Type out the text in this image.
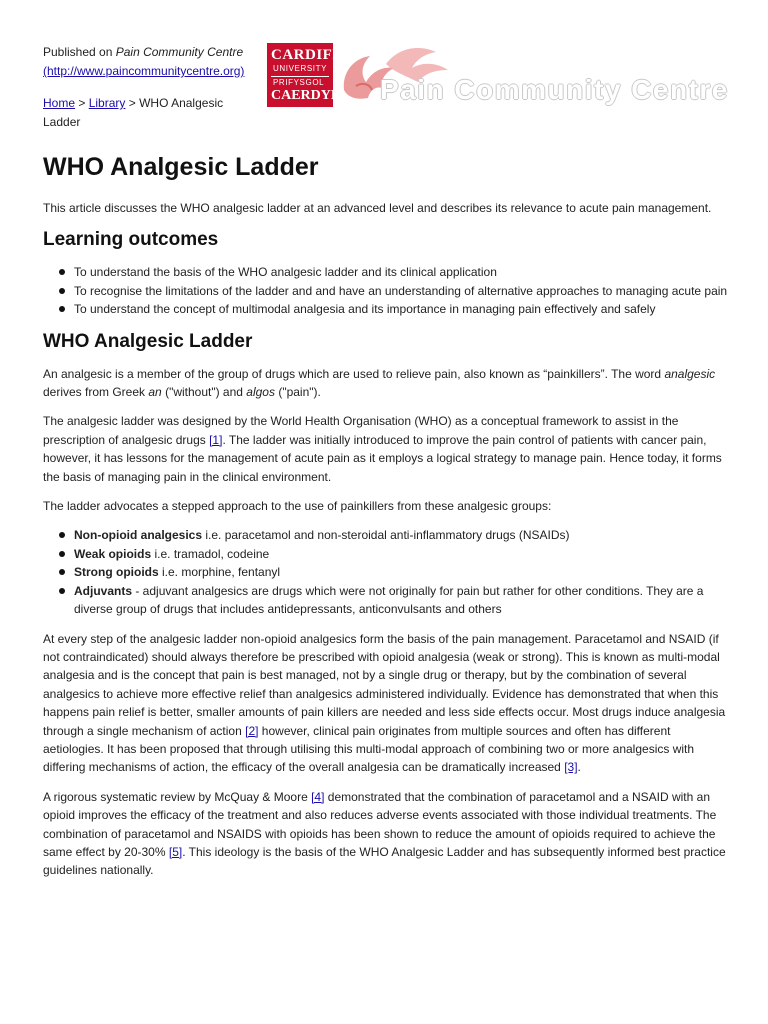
Published on Pain Community Centre
(http://www.paincommunitycentre.org)
Home > Library > WHO Analgesic Ladder
CARDIFF
UNIVERSITY
PRIFYSGOL
CAERDYD Pain Community Centre
WHO Analgesic Ladder

This article discusses the WHO analgesic ladder at an advanced level and describes its relevance to acute pain management.

Learning outcomes
To understand the basis of the WHO analgesic ladder and its clinical application
To recognise the limitations of the ladder and and have an understanding of alternative approaches to managing acute pain
To understand the concept of multimodal analgesia and its importance in managing pain effectively and safely
WHO Analgesic Ladder

An analgesic is a member of the group of drugs which are used to relieve pain, also known as “painkillers”. The word analgesic derives from Greek an ("without") and algos ("pain").

The analgesic ladder was designed by the World Health Organisation (WHO) as a conceptual framework to assist in the prescription of analgesic drugs [1]. The ladder was initially introduced to improve the pain control of patients with cancer pain, however, it has lessons for the management of acute pain as it employs a logical strategy to manage pain. Hence today, it forms the basis of managing pain in the clinical environment.

The ladder advocates a stepped approach to the use of painkillers from these analgesic groups:

Non-opioid analgesics i.e. paracetamol and non-steroidal anti-inflammatory drugs (NSAIDs)
Weak opioids i.e. tramadol, codeine
Strong opioids i.e. morphine, fentanyl
Adjuvants - adjuvant analgesics are drugs which were not originally for pain but rather for other conditions. They are a diverse group of drugs that includes antidepressants, anticonvulsants and others

At every step of the analgesic ladder non-opioid analgesics form the basis of the pain management. Paracetamol and NSAID (if not contraindicated) should always therefore be prescribed with opioid analgesia (weak or strong). This is known as multi-modal analgesia and is the concept that pain is best managed, not by a single drug or therapy, but by the combination of several analgesics to achieve more effective relief than analgesics administered individually. Evidence has demonstrated that when this happens pain relief is better, smaller amounts of pain killers are needed and less side effects occur. Most drugs induce analgesia through a single mechanism of action [2] however, clinical pain originates from multiple sources and often has different aetiologies. It has been proposed that through utilising this multi-modal approach of combining two or more analgesics with differing mechanisms of action, the efficacy of the overall analgesia can be dramatically increased [3].

A rigorous systematic review by McQuay & Moore [4] demonstrated that the combination of paracetamol and a NSAID with an opioid improves the efficacy of the treatment and also reduces adverse events associated with those individual treatments. The combination of paracetamol and NSAIDS with opioids has been shown to reduce the amount of opioids required to achieve the same effect by 20-30% [5]. This ideology is the basis of the WHO Analgesic Ladder and has subsequently informed best practice guidelines nationally.
